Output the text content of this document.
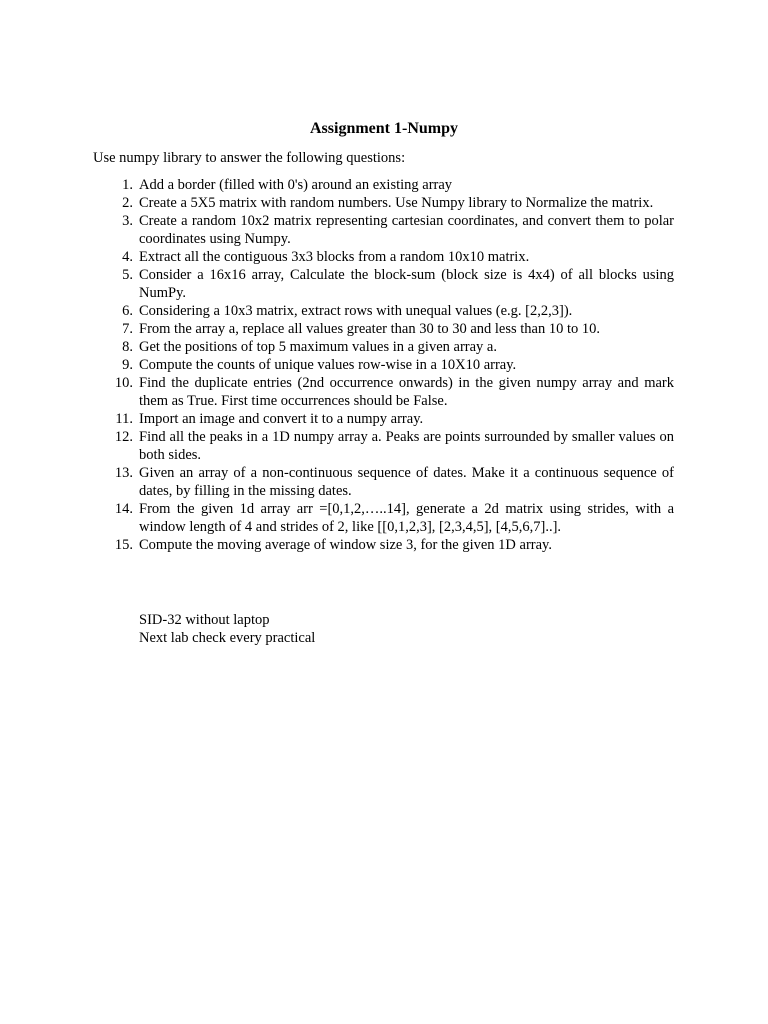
Assignment 1-Numpy
Use numpy library to answer the following questions:
1. Add a border (filled with 0's) around an existing array
2. Create a 5X5 matrix with random numbers. Use Numpy library to Normalize the matrix.
3. Create a random 10x2 matrix representing cartesian coordinates, and convert them to polar coordinates using Numpy.
4. Extract all the contiguous 3x3 blocks from a random 10x10 matrix.
5. Consider a 16x16 array, Calculate the block-sum (block size is 4x4) of all blocks using NumPy.
6. Considering a 10x3 matrix, extract rows with unequal values (e.g. [2,2,3]).
7. From the array a, replace all values greater than 30 to 30 and less than 10 to 10.
8. Get the positions of top 5 maximum values in a given array a.
9. Compute the counts of unique values row-wise in a 10X10 array.
10. Find the duplicate entries (2nd occurrence onwards) in the given numpy array and mark them as True. First time occurrences should be False.
11. Import an image and convert it to a numpy array.
12. Find all the peaks in a 1D numpy array a. Peaks are points surrounded by smaller values on both sides.
13. Given an array of a non-continuous sequence of dates. Make it a continuous sequence of dates, by filling in the missing dates.
14. From the given 1d array arr =[0,1,2,…..14], generate a 2d matrix using strides, with a window length of 4 and strides of 2, like [[0,1,2,3], [2,3,4,5], [4,5,6,7]..].
15. Compute the moving average of window size 3, for the given 1D array.
SID-32 without laptop
Next lab check every practical
